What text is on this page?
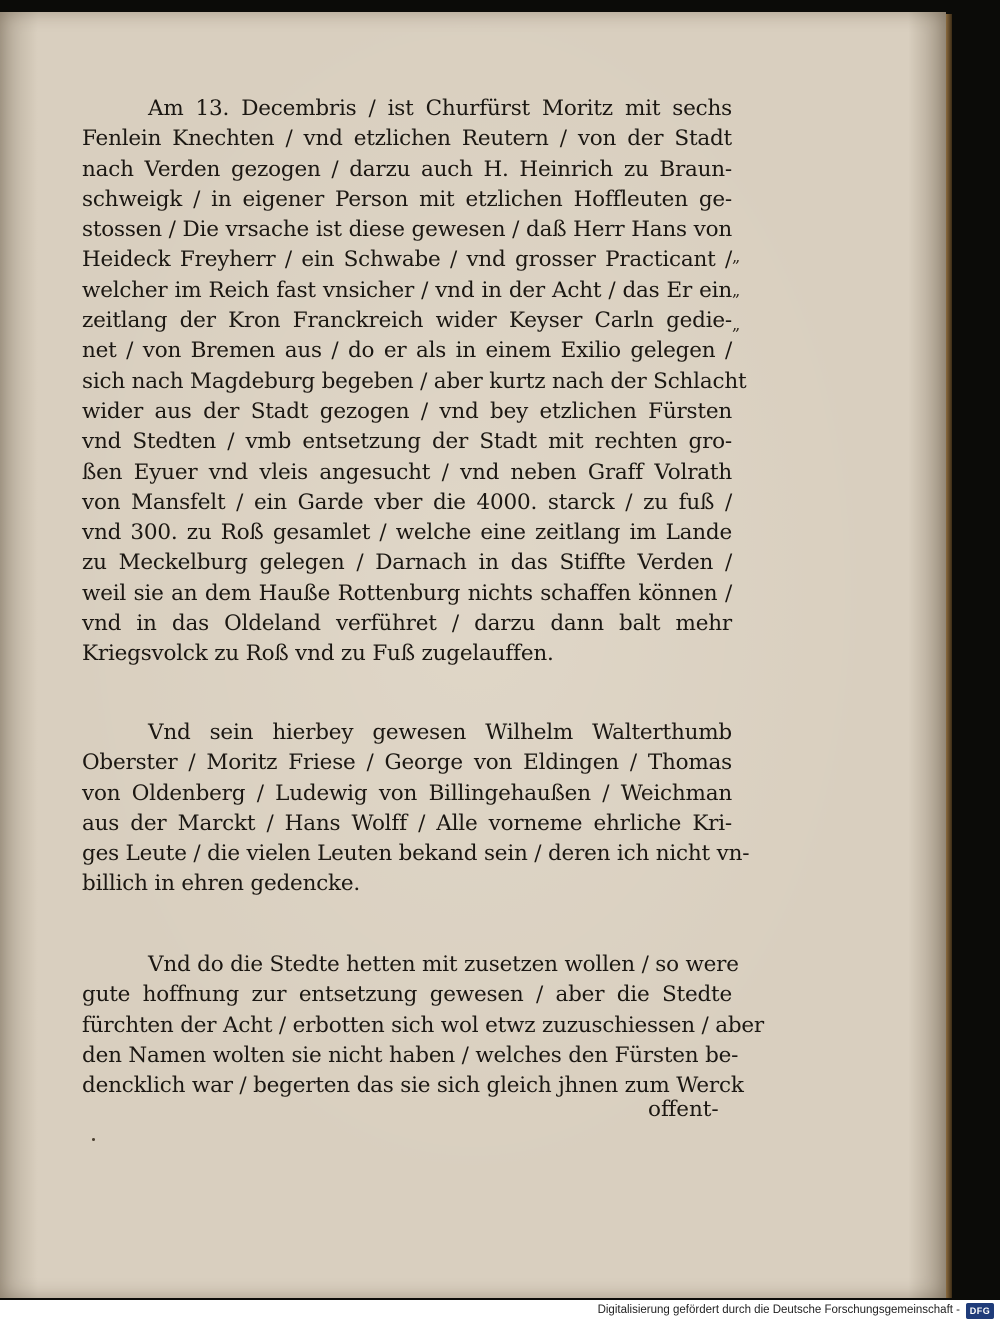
Am 13. Decembris / ist Churfürst Moritz mit sechs
Fenlein Knechten / vnd etzlichen Reutern / von der Stadt
nach Verden gezogen / darzu auch H. Heinrich zu Braun-
schweigk / in eigener Person mit etzlichen Hoffleuten ge-
stossen / Die vrsache ist diese gewesen / daß Herr Hans von
Heideck Freyherr / ein Schwabe / vnd grosser Practicant /
welcher im Reich fast vnsicher / vnd in der Acht / das Er ein
zeitlang der Kron Franckreich wider Keyser Carln gedie-
net / von Bremen aus / do er als in einem Exilio gelegen /
sich nach Magdeburg begeben / aber kurtz nach der Schlacht
wider aus der Stadt gezogen / vnd bey etzlichen Fürsten
vnd Stedten / vmb entsetzung der Stadt mit rechten gro-
ßen Eyuer vnd vleis angesucht / vnd neben Graff Volrath
von Mansfelt / ein Garde vber die 4000. starck / zu fuß /
vnd 300. zu Roß gesamlet / welche eine zeitlang im Lande
zu Meckelburg gelegen / Darnach in das Stiffte Verden /
weil sie an dem Hauße Rottenburg nichts schaffen können /
vnd in das Oldeland verführet / darzu dann balt mehr
Kriegsvolck zu Roß vnd zu Fuß zugelauffen.
Vnd sein hierbey gewesen Wilhelm Walterthumb
Oberster / Moritz Friese / George von Eldingen / Thomas
von Oldenberg / Ludewig von Billingehaußen / Weichman
aus der Marckt / Hans Wolff / Alle vorneme ehrliche Kri-
ges Leute / die vielen Leuten bekand sein / deren ich nicht vn-
billich in ehren gedencke.
Vnd do die Stedte hetten mit zusetzen wollen / so were
gute hoffnung zur entsetzung gewesen / aber die Stedte
fürchten der Acht / erbotten sich wol etwz zuzuschiessen / aber
den Namen wolten sie nicht haben / welches den Fürsten be-
dencklich war / begerten das sie sich gleich jhnen zum Werck
offent-
„
„
„
Digitalisierung gefördert durch die Deutsche Forschungsgemeinschaft -	DFG
